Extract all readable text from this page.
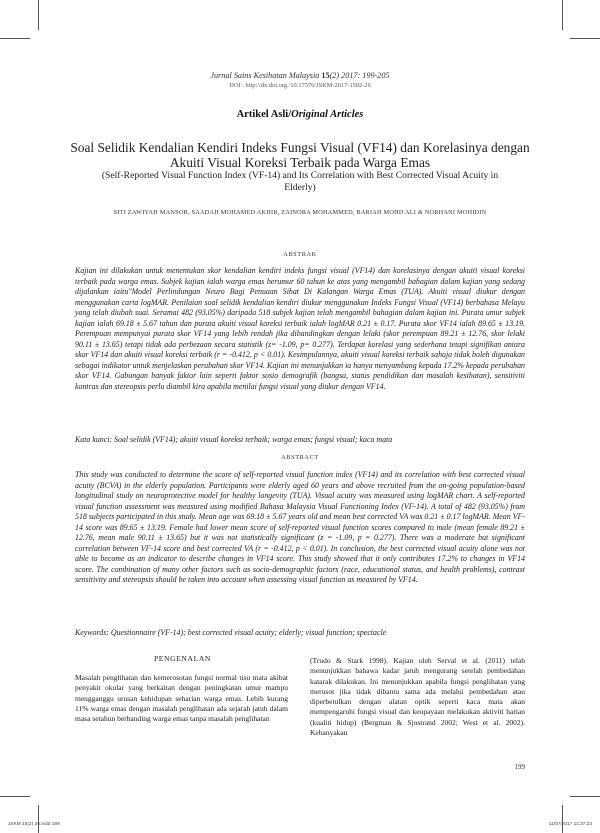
Jurnal Sains Kesihatan Malaysia 15(2) 2017: 199-205
DOI : http://dx.doi.org./10.17576/JSKM-2017-1502-26
Artikel Asli/Original Articles
Soal Selidik Kendalian Kendiri Indeks Fungsi Visual (VF14) dan Korelasinya dengan Akuiti Visual Koreksi Terbaik pada Warga Emas
(Self-Reported Visual Function Index (VF-14) and Its Correlation with Best Corrected Visual Acuity in Elderly)
SITI ZAWIYAH MANSOR, SAADAH MOHAMED AKHIR, ZAINORA MOHAMMED, BARIAH MOHD ALI & NORHANI MOHIDIN
ABSTRAK
Kajian ini dilakukan untuk menentukan skor kendalian kendiri indeks fungsi visual (VF14) dan korelasinya dengan akuiti visual koreksi terbaik pada warga emas. Subjek kajian ialah warga emas berumur 60 tahun ke atas yang mengambil bahagian dalam kajian yang sedang dijalankan iaitu"Model Perlindungan Neuro Bagi Penuaan Sihat Di Kalangan Warga Emas (TUA). Akuiti visual diukur dengan menggunakan carta logMAR. Penilaian soal selidik kendalian kendiri diukur menggunakan Indeks Fungsi Visual (VF14) berbahasa Melayu yang telah diubah suai. Seramai 482 (93.05%) daripada 518 subjek kajian telah mengambil bahagian dalam kajian ini. Purata umur subjek kajian ialah 69.18 ± 5.67 tahun dan purata akuiti visual koreksi terbaik ialah logMAR 0.21 ± 0.17. Purata skor VF14 ialah 89.65 ± 13.19. Perempuan mempunyai purata skor VF14 yang lebih rendah jika dibandingkan dengan lelaki (skor perempuan 89.21 ± 12.76, skor lelaki 90.11 ± 13.65) tetapi tidak ada perbezaan secara statistik (z= -1.09, p= 0.277). Terdapat korelasi yang sederhana tetapi signifikan antara skor VF14 dan akuiti visual koreksi terbaik (r = -0.412, p < 0.01). Kesimpulannya, akuiti visual koreksi terbaik sahaja tidak boleh digunakan sebagai indikator untuk menjelaskan perubahan skor VF14. Kajian ini menunjukkan ia hanya menyumbang kepada 17.2% kepada perubahan skor VF14. Gabungan banyak faktor lain seperti faktor sosio demografik (bangsa, status pendidikan dan masalah kesihatan), sensitiviti kontras dan stereopsis perlu diambil kira apabila menilai fungsi visual yang diukur dengan VF14.
Kata kunci: Soal selidik (VF14); akuiti visual koreksi terbaik; warga emas; fungsi visual; kaca mata
ABSTRACT
This study was conducted to determine the score of self-reported visual function index (VF14) and its correlation with best corrected visual acuity (BCVA) in the elderly population. Participants were elderly aged 60 years and above recruited from the on-going population-based longitudinal study on neuroprotective model for healthy longevity (TUA). Visual acuity was measured using logMAR chart. A self-reported visual function assessment was measured using modified Bahasa Malaysia Visual Functioning Index (VF-14). A total of 482 (93.05%) from 518 subjects participated in this study. Mean age was 69.18 ± 5.67 years old and mean best corrected VA was 0.21 ± 0.17 logMAR. Mean VF-14 score was 89.65 ± 13.19. Female had lower mean score of self-reported visual function scores compared to male (mean female 89.21 ± 12.76, mean male 90.11 ± 13.65) but it was not statistically significant (z = -1.09, p = 0.277). There was a moderate but significant correlation between VF-14 score and best corrected VA (r = -0.412, p < 0.01). In conclusion, the best corrected visual acuity alone was not able to become as an indicator to describe changes in VF14 score. This study showed that it only contributes 17.2% to changes in VF14 score. The combination of many other factors such as socio-demographic factors (race, educational status, and health problems), contrast sensitivity and stereopsis should be taken into account when assessing visual function as measured by VF14.
Keywords: Questionnaire (VF-14); best corrected visual acuity; elderly; visual function; spectacle
PENGENALAN
Masalah penglihatan dan kemerosotan fungsi normal tisu mata akibat penyakit okular yang berkaitan dengan peningkatan umur mampu mengganggu urusan kehidupan seharian warga emas. Lebih kurang 11% warga emas dengan masalah penglihatan ada sejarah jatuh dalam masa setahun berbanding warga emas tanpa masalah penglihatan
(Trudo & Stark 1998). Kajian oleh Serval et al. (2011) telah menunjukkan bahawa kadar jatuh mengurang setelah pembedahan katarak dilakukan. Ini menunjukkan apabila fungsi penglihatan yang merosot jika tidak dibantu sama ada melalui pembedahan atau diperbetulkan dengan alatan optik seperti kaca mata akan mempengaruhi fungsi visual dan keupayaan melakukan aktiviti harian (kualiti hidup) (Bergman & Sjostrand 2002; West et al. 2002). Kebanyakan
199
JSKM 15(2) 26.indd 199	11/07/2017 11:37:23
